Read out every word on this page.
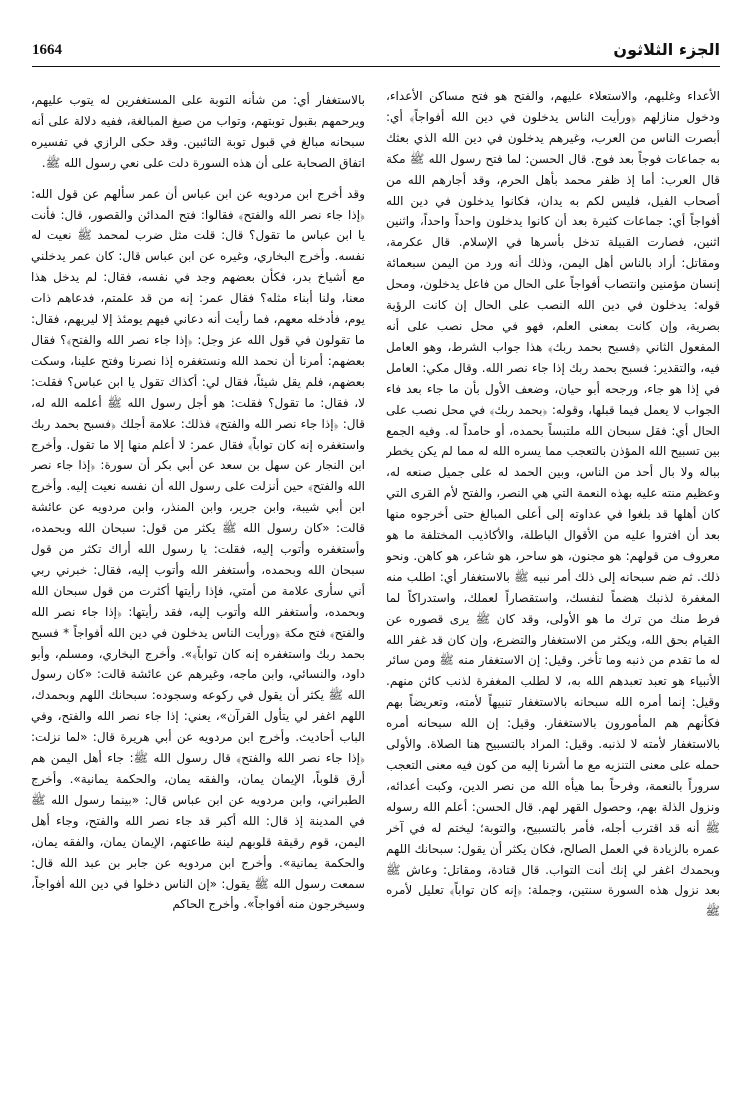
1664	الجزء الثلاثون

الأعداء وغلبهم، والاستعلاء عليهم، والفتح هو فتح مساكن الأعداء، ودخول منازلهم ﴿ورأيت الناس يدخلون في دين الله أفواجاً﴾ أي: أبصرت الناس من العرب، وغيرهم يدخلون في دين الله الذي بعثك به جماعات فوجاً بعد فوج. قال الحسن: لما فتح رسول الله ﷺ مكة قال العرب: أما إذ ظفر محمد بأهل الحرم، وقد أجارهم الله من أصحاب الفيل، فليس لكم به يدان، فكانوا يدخلون في دين الله أفواجاً أي: جماعات كثيرة بعد أن كانوا يدخلون واحداً واحداً، واثنين اثنين، فصارت القبيلة تدخل بأسرها في الإسلام. قال عكرمة، ومقاتل: أراد بالناس أهل اليمن، وذلك أنه ورد من اليمن سبعمائة إنسان مؤمنين وانتصاب أفواجاً على الحال من فاعل يدخلون، ومحل قوله: يدخلون في دين الله النصب على الحال إن كانت الرؤية بصرية، وإن كانت بمعنى العلم، فهو في محل نصب على أنه المفعول الثاني ﴿فسبح بحمد ربك﴾ هذا جواب الشرط، وهو العامل فيه، والتقدير: فسبح بحمد ربك إذا جاء نصر الله. وقال مكي: العامل في إذا هو جاء، ورجحه أبو حيان، وضعف الأول بأن ما جاء بعد فاء الجواب لا يعمل فيما قبلها، وقوله: ﴿بحمد ربك﴾ في محل نصب على الحال أي: فقل سبحان الله ملتبساً بحمده، أو حامداً له. وفيه الجمع بين تسبيح الله المؤذن بالتعجب مما يسره الله له مما لم يكن يخطر بباله ولا بال أحد من الناس، وبين الحمد له على جميل صنعه له، وعظيم منته عليه بهذه النعمة التي هي النصر، والفتح لأم القرى التي كان أهلها قد بلغوا في عداوته إلى أعلى المبالغ حتى أخرجوه منها بعد أن افتروا عليه من الأقوال الباطلة، والأكاذيب المختلفة ما هو معروف من قولهم: هو مجنون، هو ساحر، هو شاعر، هو كاهن. ونحو ذلك. ثم ضم سبحانه إلى ذلك أمر نبيه ﷺ بالاستغفار أي: اطلب منه المغفرة لذنبك هضماً لنفسك، واستقصاراً لعملك، واستدراكاً لما فرط منك من ترك ما هو الأولى، وقد كان ﷺ يرى قصوره عن القيام بحق الله، ويكثر من الاستغفار والتضرع، وإن كان قد غفر الله له ما تقدم من ذنبه وما تأخر. وقيل: إن الاستغفار منه ﷺ ومن سائر الأنبياء هو تعبد تعبدهم الله به، لا لطلب المغفرة لذنب كائن منهم. وقيل: إنما أمره الله سبحانه بالاستغفار تنبيهاً لأمته، وتعريضاً بهم فكأنهم هم المأمورون بالاستغفار. وقيل: إن الله سبحانه أمره بالاستغفار لأمته لا لذنبه. وقيل: المراد بالتسبيح هنا الصلاة. والأولى حمله على معنى التنزيه مع ما أشرنا إليه من كون فيه معنى التعجب سروراً بالنعمة، وفرحاً بما هيأه الله من نصر الدين، وكبت أعدائه، ونزول الذلة بهم، وحصول القهر لهم. قال الحسن: أعلم الله رسوله ﷺ أنه قد اقترب أجله، فأمر بالتسبيح، والتوبة؛ ليختم له في آخر عمره بالزيادة في العمل الصالح، فكان يكثر أن يقول: سبحانك اللهم وبحمدك اغفر لي إنك أنت التواب. قال قتادة، ومقاتل: وعاش ﷺ بعد نزول هذه السورة سنتين، وجملة: ﴿إنه كان تواباً﴾ تعليل لأمره ﷺ

بالاستغفار أي: من شأنه التوبة على المستغفرين له يتوب عليهم، ويرحمهم بقبول توبتهم، وتواب من صيغ المبالغة، ففيه دلالة على أنه سبحانه مبالغ في قبول توبة التائبين. وقد حكى الرازي في تفسيره اتفاق الصحابة على أن هذه السورة دلت على نعي رسول الله ﷺ.

وقد أخرج ابن مردويه عن ابن عباس أن عمر سألهم عن قول الله: ﴿إذا جاء نصر الله والفتح﴾ فقالوا: فتح المدائن والقصور، قال: فأنت يا ابن عباس ما تقول؟ قال: قلت مثل ضرب لمحمد ﷺ نعيت له نفسه. وأخرج البخاري، وغيره عن ابن عباس قال: كان عمر يدخلني مع أشياخ بدر، فكأن بعضهم وجد في نفسه، فقال: لم يدخل هذا معنا، ولنا أبناء مثله؟ فقال عمر: إنه من قد علمتم، فدعاهم ذات يوم، فأدخله معهم، فما رأيت أنه دعاني فيهم يومئذ إلا ليريهم، فقال: ما تقولون في قول الله عز وجل: ﴿إذا جاء نصر الله والفتح﴾؟ فقال بعضهم: أمرنا أن نحمد الله ونستغفره إذا نصرنا وفتح علينا، وسكت بعضهم، فلم يقل شيئاً، فقال لي: أكذاك تقول يا ابن عباس؟ فقلت: لا، فقال: ما تقول؟ فقلت: هو أجل رسول الله ﷺ أعلمه الله له، قال: ﴿إذا جاء نصر الله والفتح﴾ فذلك: علامة أجلك ﴿فسبح بحمد ربك واستغفره إنه كان تواباً﴾ فقال عمر: لا أعلم منها إلا ما تقول. وأخرج ابن النجار عن سهل بن سعد عن أبي بكر أن سورة: ﴿إذا جاء نصر الله والفتح﴾ حين أنزلت على رسول الله أن نفسه نعيت إليه. وأخرج ابن أبي شيبة، وابن جرير، وابن المنذر، وابن مردويه عن عائشة قالت: «كان رسول الله ﷺ يكثر من قول: سبحان الله وبحمده، وأستغفره وأتوب إليه، فقلت: يا رسول الله أراك تكثر من قول سبحان الله وبحمده، وأستغفر الله وأتوب إليه، فقال: خبرني ربي أني سأرى علامة من أمتي، فإذا رأيتها أكثرت من قول سبحان الله وبحمده، وأستغفر الله وأتوب إليه، فقد رأيتها: ﴿إذا جاء نصر الله والفتح﴾ فتح مكة ﴿ورأيت الناس يدخلون في دين الله أفواجاً * فسبح بحمد ربك واستغفره إنه كان تواباً﴾». وأخرج البخاري، ومسلم، وأبو داود، والنسائي، وابن ماجه، وغيرهم عن عائشة قالت: «كان رسول الله ﷺ يكثر أن يقول في ركوعه وسجوده: سبحانك اللهم وبحمدك، اللهم اغفر لي يتأول القرآن»، يعني: إذا جاء نصر الله والفتح، وفي الباب أحاديث. وأخرج ابن مردويه عن أبي هريرة قال: «لما نزلت: ﴿إذا جاء نصر الله والفتح﴾ قال رسول الله ﷺ: جاء أهل اليمن هم أرق قلوباً، الإيمان يمان، والفقه يمان، والحكمة يمانية». وأخرج الطبراني، وابن مردويه عن ابن عباس قال: «بينما رسول الله ﷺ في المدينة إذ قال: الله أكبر قد جاء نصر الله والفتح، وجاء أهل اليمن، قوم رقيقة قلوبهم لينة طاعتهم، الإيمان يمان، والفقه يمان، والحكمة يمانية». وأخرج ابن مردويه عن جابر بن عبد الله قال: سمعت رسول الله ﷺ يقول: «إن الناس دخلوا في دين الله أفواجاً، وسيخرجون منه أفواجاً». وأخرج الحاكم
